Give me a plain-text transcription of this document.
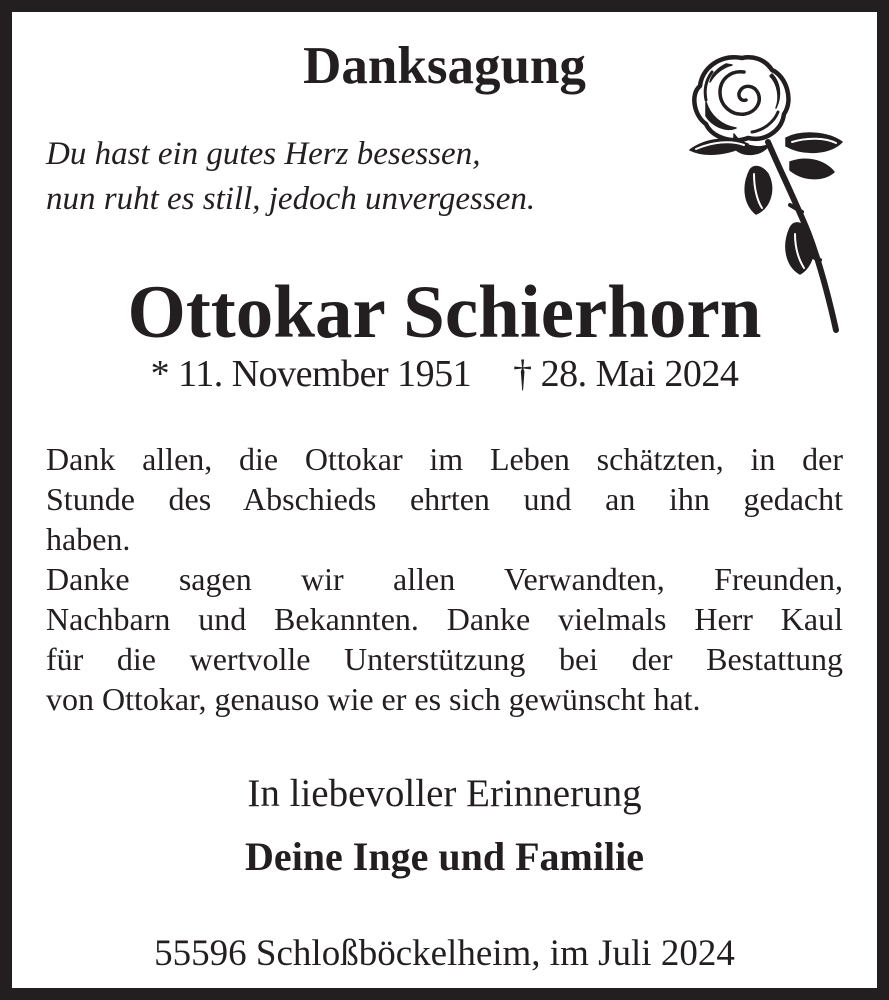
Danksagung
Du hast ein gutes Herz besessen,
nun ruht es still, jedoch unvergessen.
Ottokar Schierhorn
* 11. November 1951 † 28. Mai 2024
Dank allen, die Ottokar im Leben schätzten, in der
Stunde des Abschieds ehrten und an ihn gedacht
haben.
Danke sagen wir allen Verwandten, Freunden,
Nachbarn und Bekannten. Danke vielmals Herr Kaul
für die wertvolle Unterstützung bei der Bestattung
von Ottokar, genauso wie er es sich gewünscht hat.
In liebevoller Erinnerung
Deine Inge und Familie
55596 Schloßböckelheim, im Juli 2024
